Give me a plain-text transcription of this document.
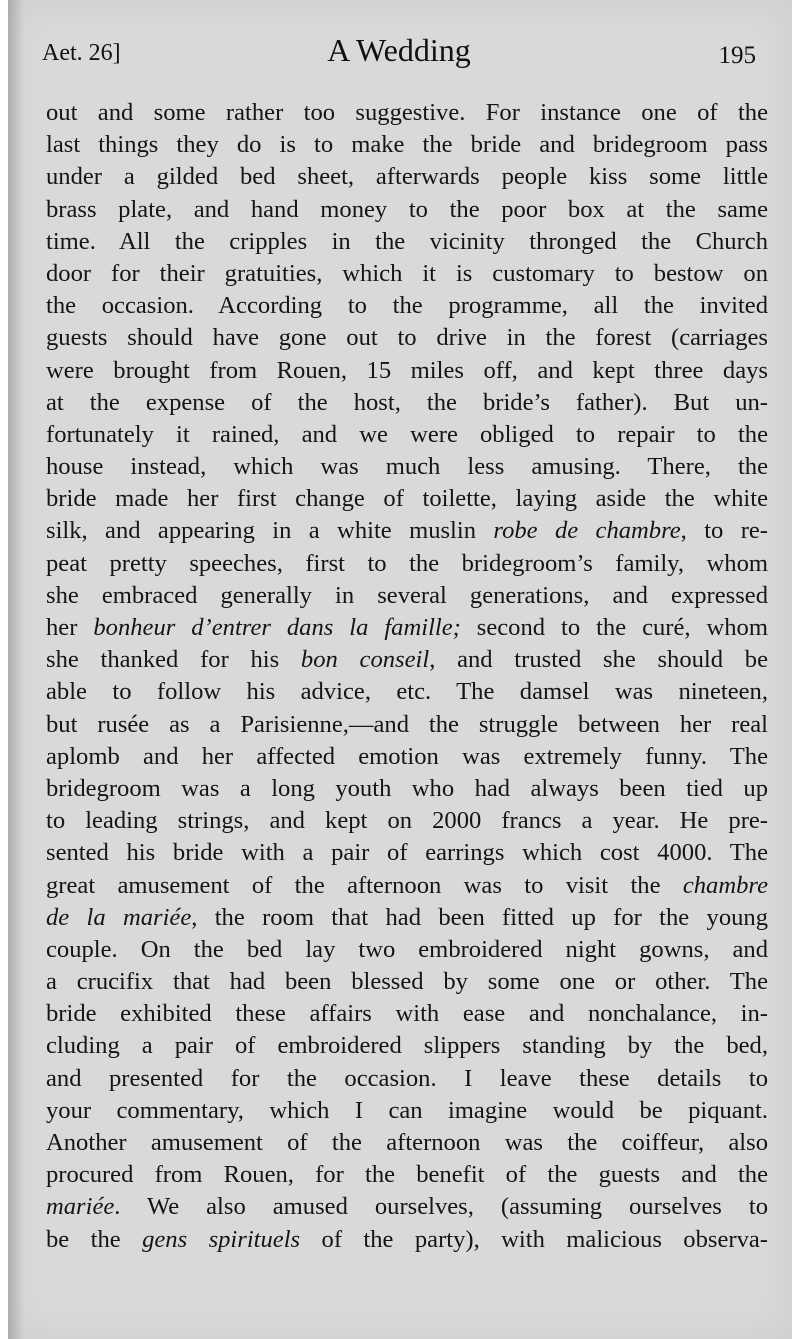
Aet. 26]	A Wedding	195
out and some rather too suggestive. For instance one of the
last things they do is to make the bride and bridegroom pass
under a gilded bed sheet, afterwards people kiss some little
brass plate, and hand money to the poor box at the same
time. All the cripples in the vicinity thronged the Church
door for their gratuities, which it is customary to bestow on
the occasion. According to the programme, all the invited
guests should have gone out to drive in the forest (carriages
were brought from Rouen, 15 miles off, and kept three days
at the expense of the host, the bride’s father). But un-
fortunately it rained, and we were obliged to repair to the
house instead, which was much less amusing. There, the
bride made her first change of toilette, laying aside the white
silk, and appearing in a white muslin robe de chambre, to re-
peat pretty speeches, first to the bridegroom’s family, whom
she embraced generally in several generations, and expressed
her bonheur d’entrer dans la famille; second to the curé, whom
she thanked for his bon conseil, and trusted she should be
able to follow his advice, etc. The damsel was nineteen,
but rusée as a Parisienne,—and the struggle between her real
aplomb and her affected emotion was extremely funny. The
bridegroom was a long youth who had always been tied up
to leading strings, and kept on 2000 francs a year. He pre-
sented his bride with a pair of earrings which cost 4000. The
great amusement of the afternoon was to visit the chambre
de la mariée, the room that had been fitted up for the young
couple. On the bed lay two embroidered night gowns, and
a crucifix that had been blessed by some one or other. The
bride exhibited these affairs with ease and nonchalance, in-
cluding a pair of embroidered slippers standing by the bed,
and presented for the occasion. I leave these details to
your commentary, which I can imagine would be piquant.
Another amusement of the afternoon was the coiffeur, also
procured from Rouen, for the benefit of the guests and the
mariée. We also amused ourselves, (assuming ourselves to
be the gens spirituels of the party), with malicious observa-
